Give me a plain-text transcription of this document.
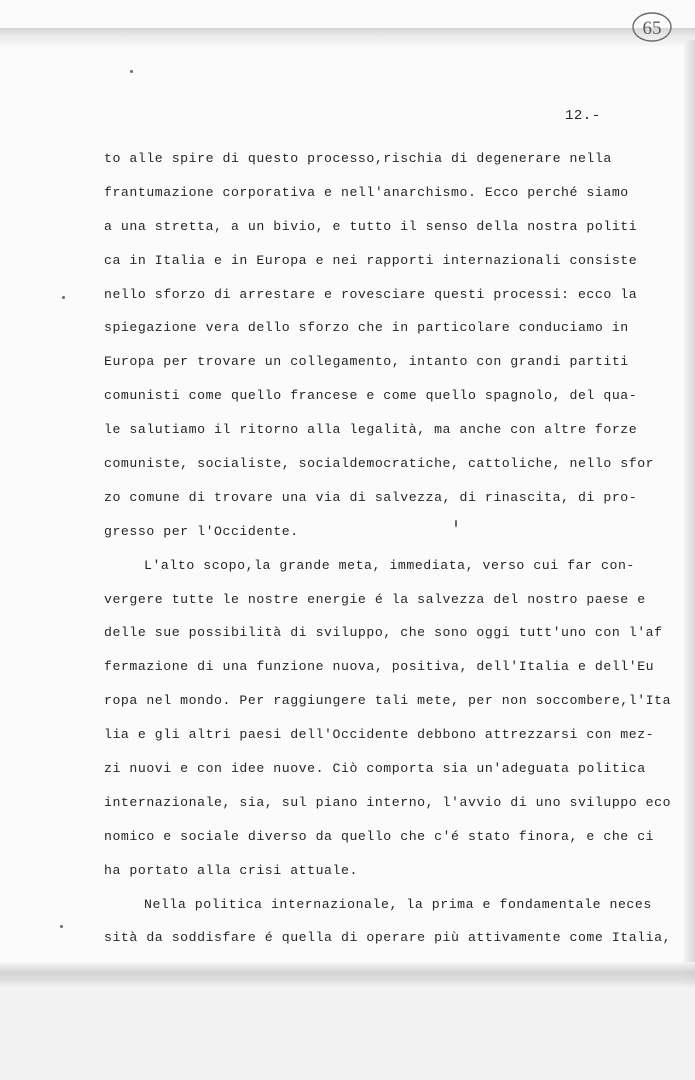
65
12.-
to alle spire di questo processo,rischia di degenerare nella
frantumazione corporativa e nell'anarchismo. Ecco perché siamo
a una stretta, a un bivio, e tutto il senso della nostra politi
ca in Italia e in Europa e nei rapporti internazionali consiste
nello sforzo di arrestare e rovesciare questi processi: ecco la
spiegazione vera dello sforzo che in particolare conduciamo in
Europa per trovare un collegamento, intanto con grandi partiti
comunisti come quello francese e come quello spagnolo, del qua-
le salutiamo il ritorno alla legalità, ma anche con altre forze
comuniste, socialiste, socialdemocratiche, cattoliche, nello sfor
zo comune di trovare una via di salvezza, di rinascita, di pro-
gresso per l'Occidente.
L'alto scopo,la grande meta, immediata, verso cui far con-
vergere tutte le nostre energie é la salvezza del nostro paese e
delle sue possibilità di sviluppo, che sono oggi tutt'uno con l'af
fermazione di una funzione nuova, positiva, dell'Italia e dell'Eu
ropa nel mondo. Per raggiungere tali mete, per non soccombere,l'Ita
lia e gli altri paesi dell'Occidente debbono attrezzarsi con mez-
zi nuovi e con idee nuove. Ciò comporta sia un'adeguata politica
internazionale, sia, sul piano interno, l'avvio di uno sviluppo eco
nomico e sociale diverso da quello che c'é stato finora, e che ci
ha portato alla crisi attuale.
Nella politica internazionale, la prima e fondamentale neces
sità da soddisfare é quella di operare più attivamente come Italia,
